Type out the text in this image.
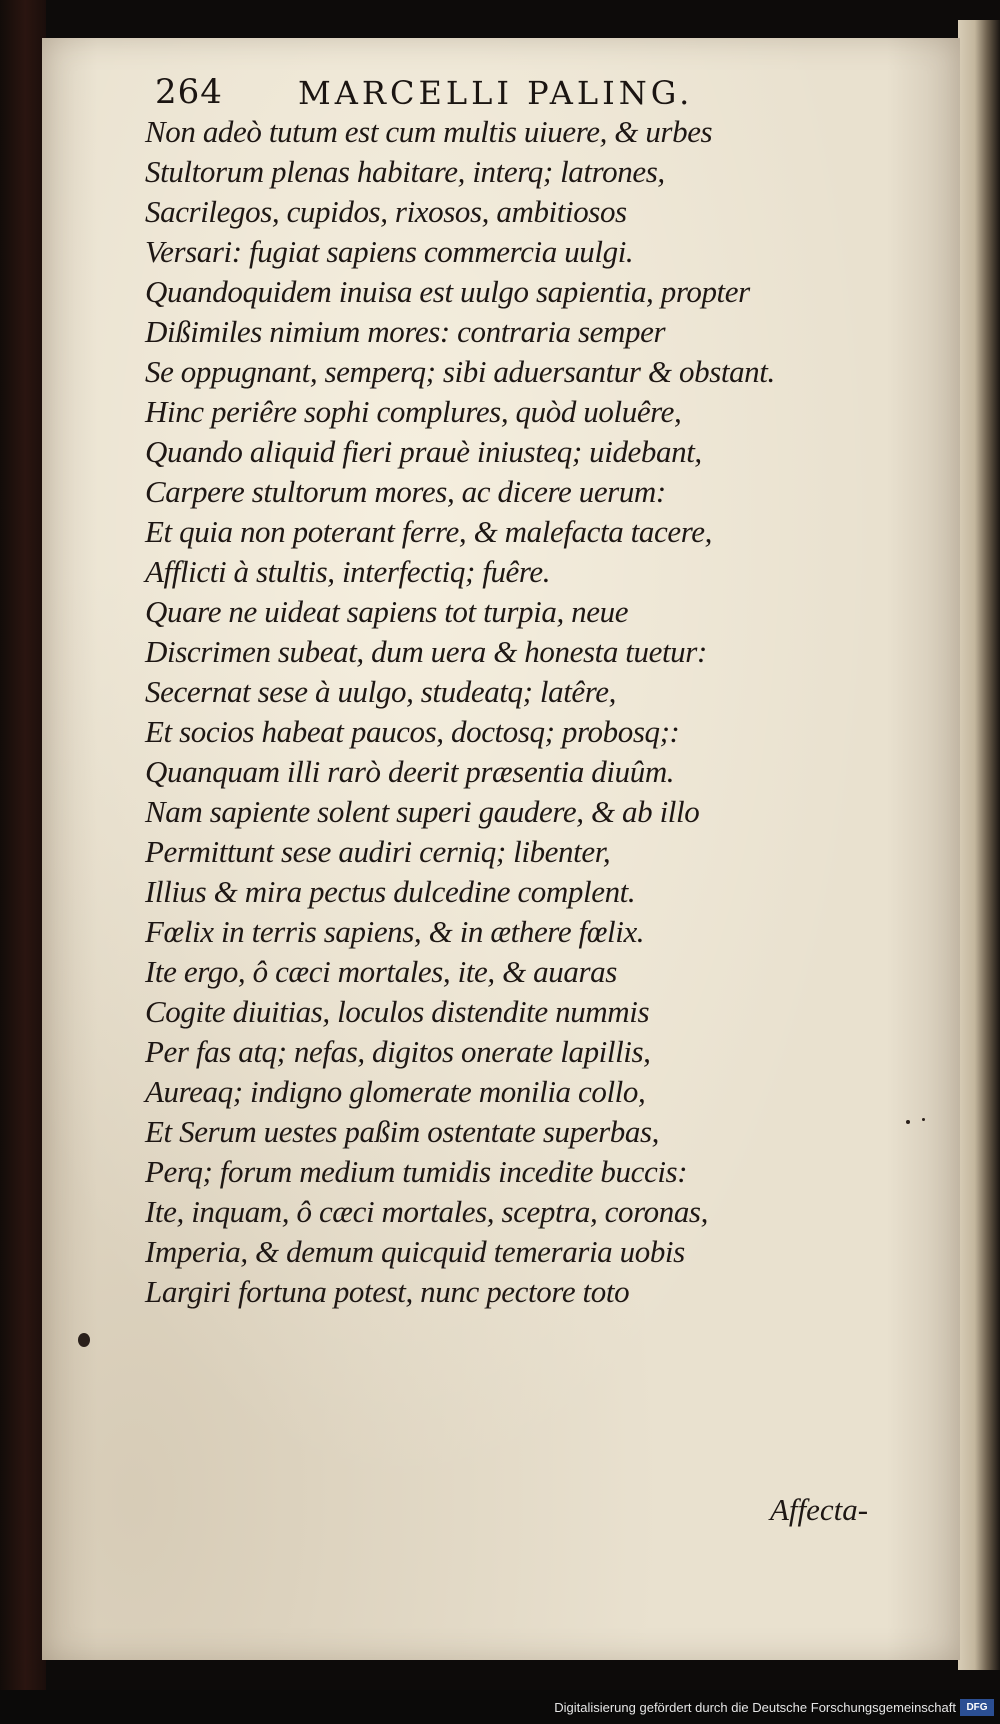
264 MARCELLI PALING.
Non adeò tutum est cum multis uiuere, & urbes
Stultorum plenas habitare, interq; latrones,
Sacrilegos, cupidos, rixosos, ambitiosos
Versari: fugiat sapiens commercia uulgi.
Quandoquidem inuisa est uulgo sapientia, propter
Dißimiles nimium mores: contraria semper
Se oppugnant, semperq; sibi aduersantur & obstant.
Hinc periêre sophi complures, quòd uoluêre,
Quando aliquid fieri prauè iniusteq; uidebant,
Carpere stultorum mores, ac dicere uerum:
Et quia non poterant ferre, & malefacta tacere,
Afflicti à stultis, interfectiq; fuêre.
Quare ne uideat sapiens tot turpia, neue
Discrimen subeat, dum uera & honesta tuetur:
Secernat sese à uulgo, studeatq; latêre,
Et socios habeat paucos, doctosq; probosq;:
Quanquam illi rarò deerit præsentia diuûm.
Nam sapiente solent superi gaudere, & ab illo
Permittunt sese audiri cerniq; libenter,
Illius & mira pectus dulcedine complent.
Fœlix in terris sapiens, & in æthere fœlix.
Ite ergo, ô cæci mortales, ite, & auaras
Cogite diuitias, loculos distendite nummis
Per fas atq; nefas, digitos onerate lapillis,
Aureaq; indigno glomerate monilia collo,
Et Serum uestes paßim ostentate superbas,
Perq; forum medium tumidis incedite buccis:
Ite, inquam, ô cæci mortales, sceptra, coronas,
Imperia, & demum quicquid temeraria uobis
Largiri fortuna potest, nunc pectore toto
Affecta-
Digitalisierung gefördert durch die Deutsche Forschungsgemeinschaft	DFG
